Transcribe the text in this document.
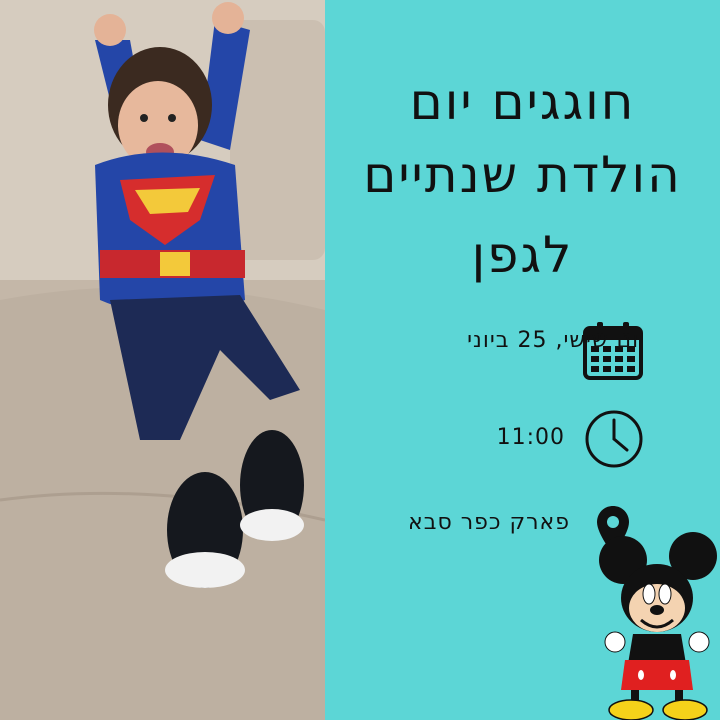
חוגגים יום
הולדת שנתיים
לגפן
יום שישי, 25 ביוני
11:00
פארק כפר סבא
